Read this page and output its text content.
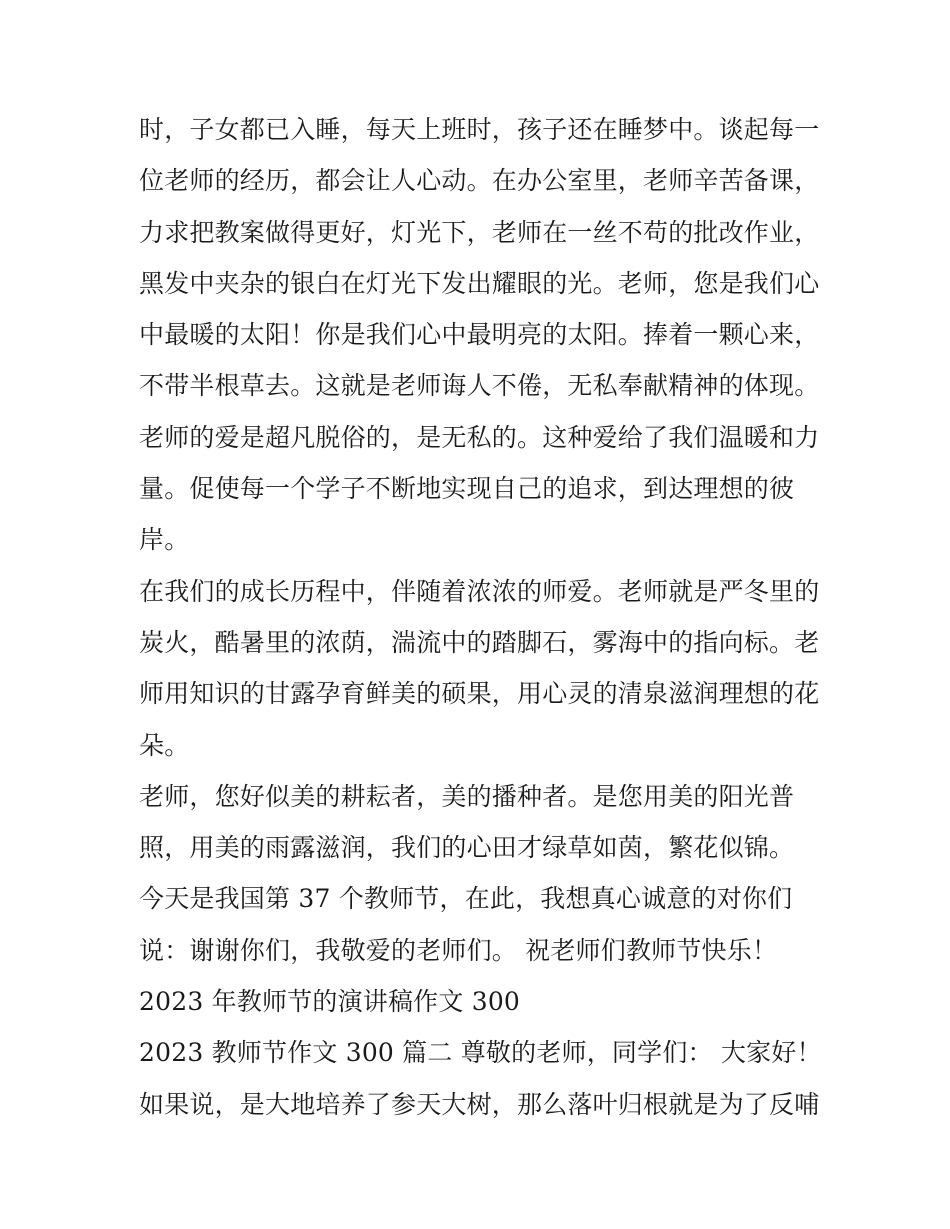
时，子女都已入睡，每天上班时，孩子还在睡梦中。谈起每一
位老师的经历，都会让人心动。在办公室里，老师辛苦备课，
力求把教案做得更好，灯光下，老师在一丝不苟的批改作业，
黑发中夹杂的银白在灯光下发出耀眼的光。老师，您是我们心
中最暖的太阳！你是我们心中最明亮的太阳。捧着一颗心来，
不带半根草去。这就是老师诲人不倦，无私奉献精神的体现。
老师的爱是超凡脱俗的，是无私的。这种爱给了我们温暖和力
量。促使每一个学子不断地实现自己的追求，到达理想的彼
岸。
在我们的成长历程中，伴随着浓浓的师爱。老师就是严冬里的
炭火，酷暑里的浓荫，湍流中的踏脚石，雾海中的指向标。老
师用知识的甘露孕育鲜美的硕果，用心灵的清泉滋润理想的花
朵。
老师，您好似美的耕耘者，美的播种者。是您用美的阳光普
照，用美的雨露滋润，我们的心田才绿草如茵，繁花似锦。
今天是我国第 37 个教师节，在此，我想真心诚意的对你们
说：谢谢你们，我敬爱的老师们。 祝老师们教师节快乐！
2023 年教师节的演讲稿作文 300
2023 教师节作文 300 篇二 尊敬的老师，同学们： 大家好！
如果说，是大地培养了参天大树，那么落叶归根就是为了反哺
